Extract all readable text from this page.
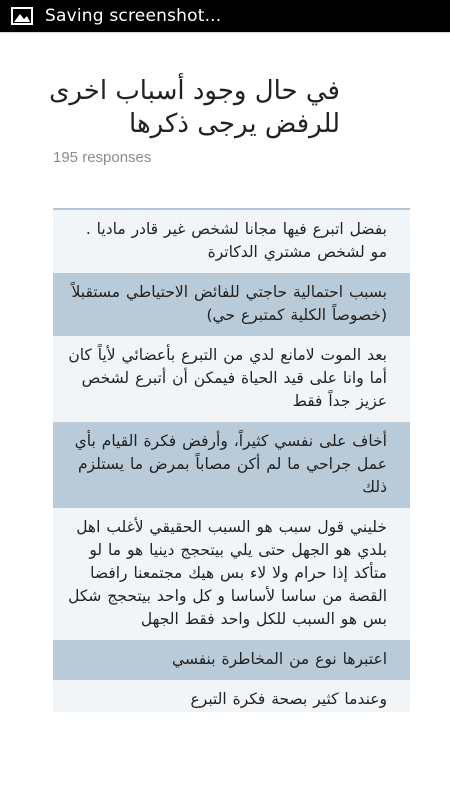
Saving screenshot...
في حال وجود أسباب اخرى للرفض يرجى ذكرها
195 responses
بفضل اتبرع فيها مجانا لشخص غير قادر ماديا . مو لشخص مشتري الدكاترة
بسبب احتمالية حاجتي للفائض الاحتياطي مستقبلاً (خصوصاً الكلية كمتبرع حي)
بعد الموت لامانع لدي من التبرع بأعضائي لأياً كان أما وانا على قيد الحياة فيمكن أن أتبرع لشخص عزيز جداً فقط
أخاف على نفسي كثيراً، وأرفض فكرة القيام بأي عمل جراحي ما لم أكن مصاباً بمرض ما يستلزم ذلك
خليني قول سبب هو السبب الحقيقي لأغلب اهل بلدي هو الجهل حتى يلي بيتحجج دينيا هو ما لو متأكد إذا حرام ولا لاء بس هيك مجتمعنا رافضا القصة من ساسا لأساسا و كل واحد بيتحجج شكل بس هو السبب للكل واحد فقط الجهل
اعتبرها نوع من المخاطرة بنفسي
وعندما كثير بصحة فكرة التبرع
